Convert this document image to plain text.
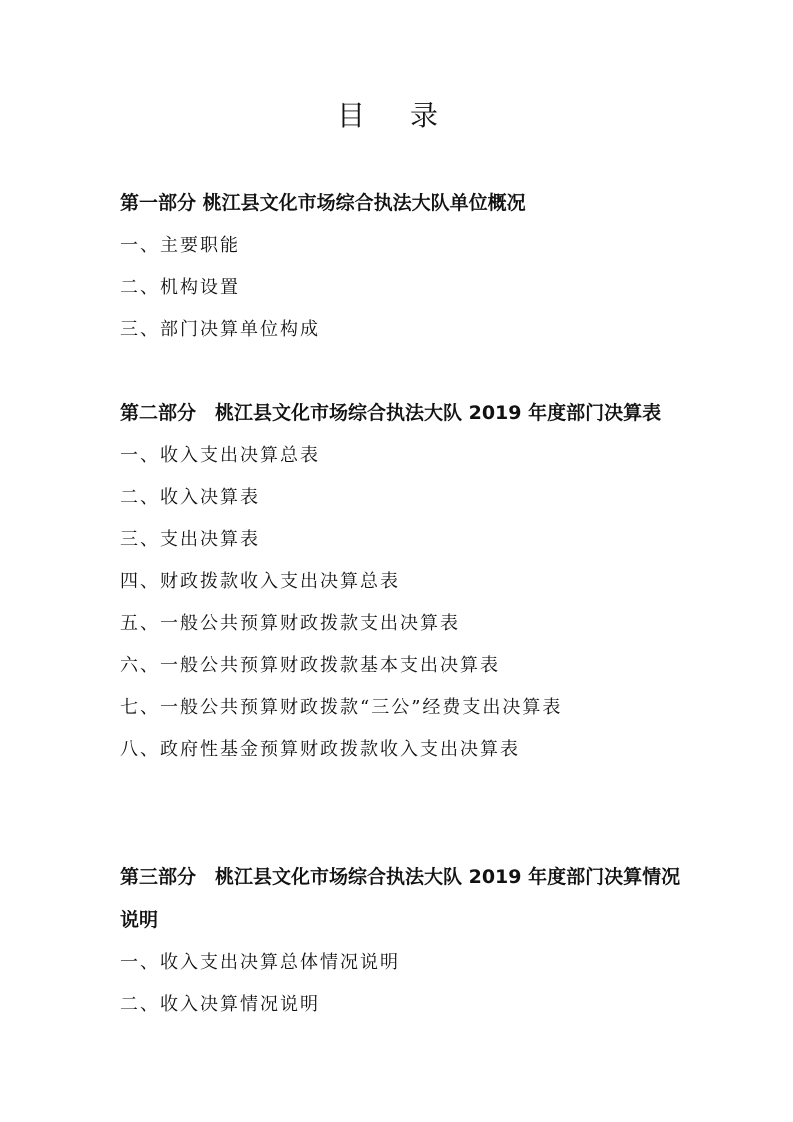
目 录

第一部分 桃江县文化市场综合执法大队单位概况

一、主要职能
二、机构设置
三、部门决算单位构成

第二部分　桃江县文化市场综合执法大队 2019 年度部门决算表

一、收入支出决算总表
二、收入决算表
三、支出决算表
四、财政拨款收入支出决算总表
五、一般公共预算财政拨款支出决算表
六、一般公共预算财政拨款基本支出决算表
七、一般公共预算财政拨款“三公”经费支出决算表
八、政府性基金预算财政拨款收入支出决算表

第三部分　桃江县文化市场综合执法大队 2019 年度部门决算情况说明

一、收入支出决算总体情况说明
二、收入决算情况说明
